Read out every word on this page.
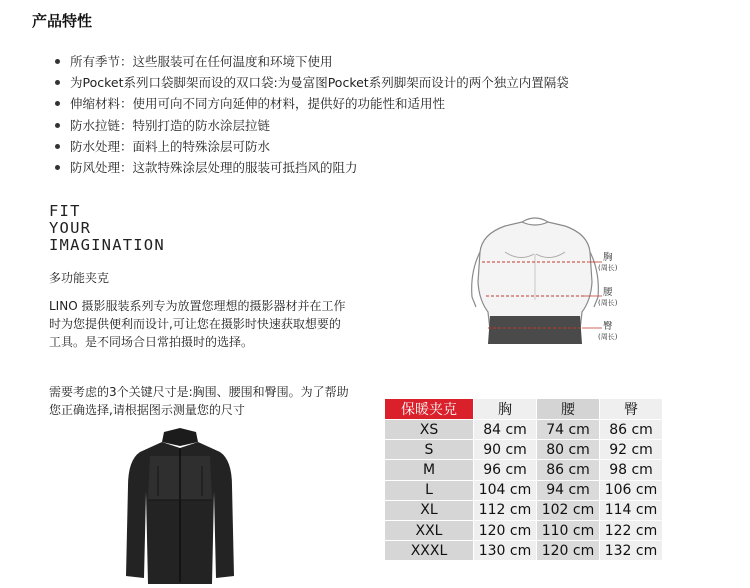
产品特性
所有季节：这些服装可在任何温度和环境下使用
为Pocket系列口袋脚架而设的双口袋:为曼富图Pocket系列脚架而设计的两个独立内置隔袋
伸缩材料：使用可向不同方向延伸的材料，提供好的功能性和适用性
防水拉链：特别打造的防水涂层拉链
防水处理：面料上的特殊涂层可防水
防风处理：这款特殊涂层处理的服装可抵挡风的阻力
FIT
YOUR
IMAGINATION
多功能夹克

LINO 摄影服装系列专为放置您理想的摄影器材并在工作时为您提供便利而设计,可让您在摄影时快速获取想要的工具。是不同场合日常拍摄时的选择。

需要考虑的3个关键尺寸是:胸围、腰围和臀围。为了帮助您正确选择,请根据图示测量您的尺寸

胸
(周长)
腰
(周长)
臀
(周长)
保暖夹克	胸	腰	臀
XS	84 cm	74 cm	86 cm
S	90 cm	80 cm	92 cm
M	96 cm	86 cm	98 cm
L	104 cm	94 cm	106 cm
XL	112 cm	102 cm	114 cm
XXL	120 cm	110 cm	122 cm
XXXL	130 cm	120 cm	132 cm
